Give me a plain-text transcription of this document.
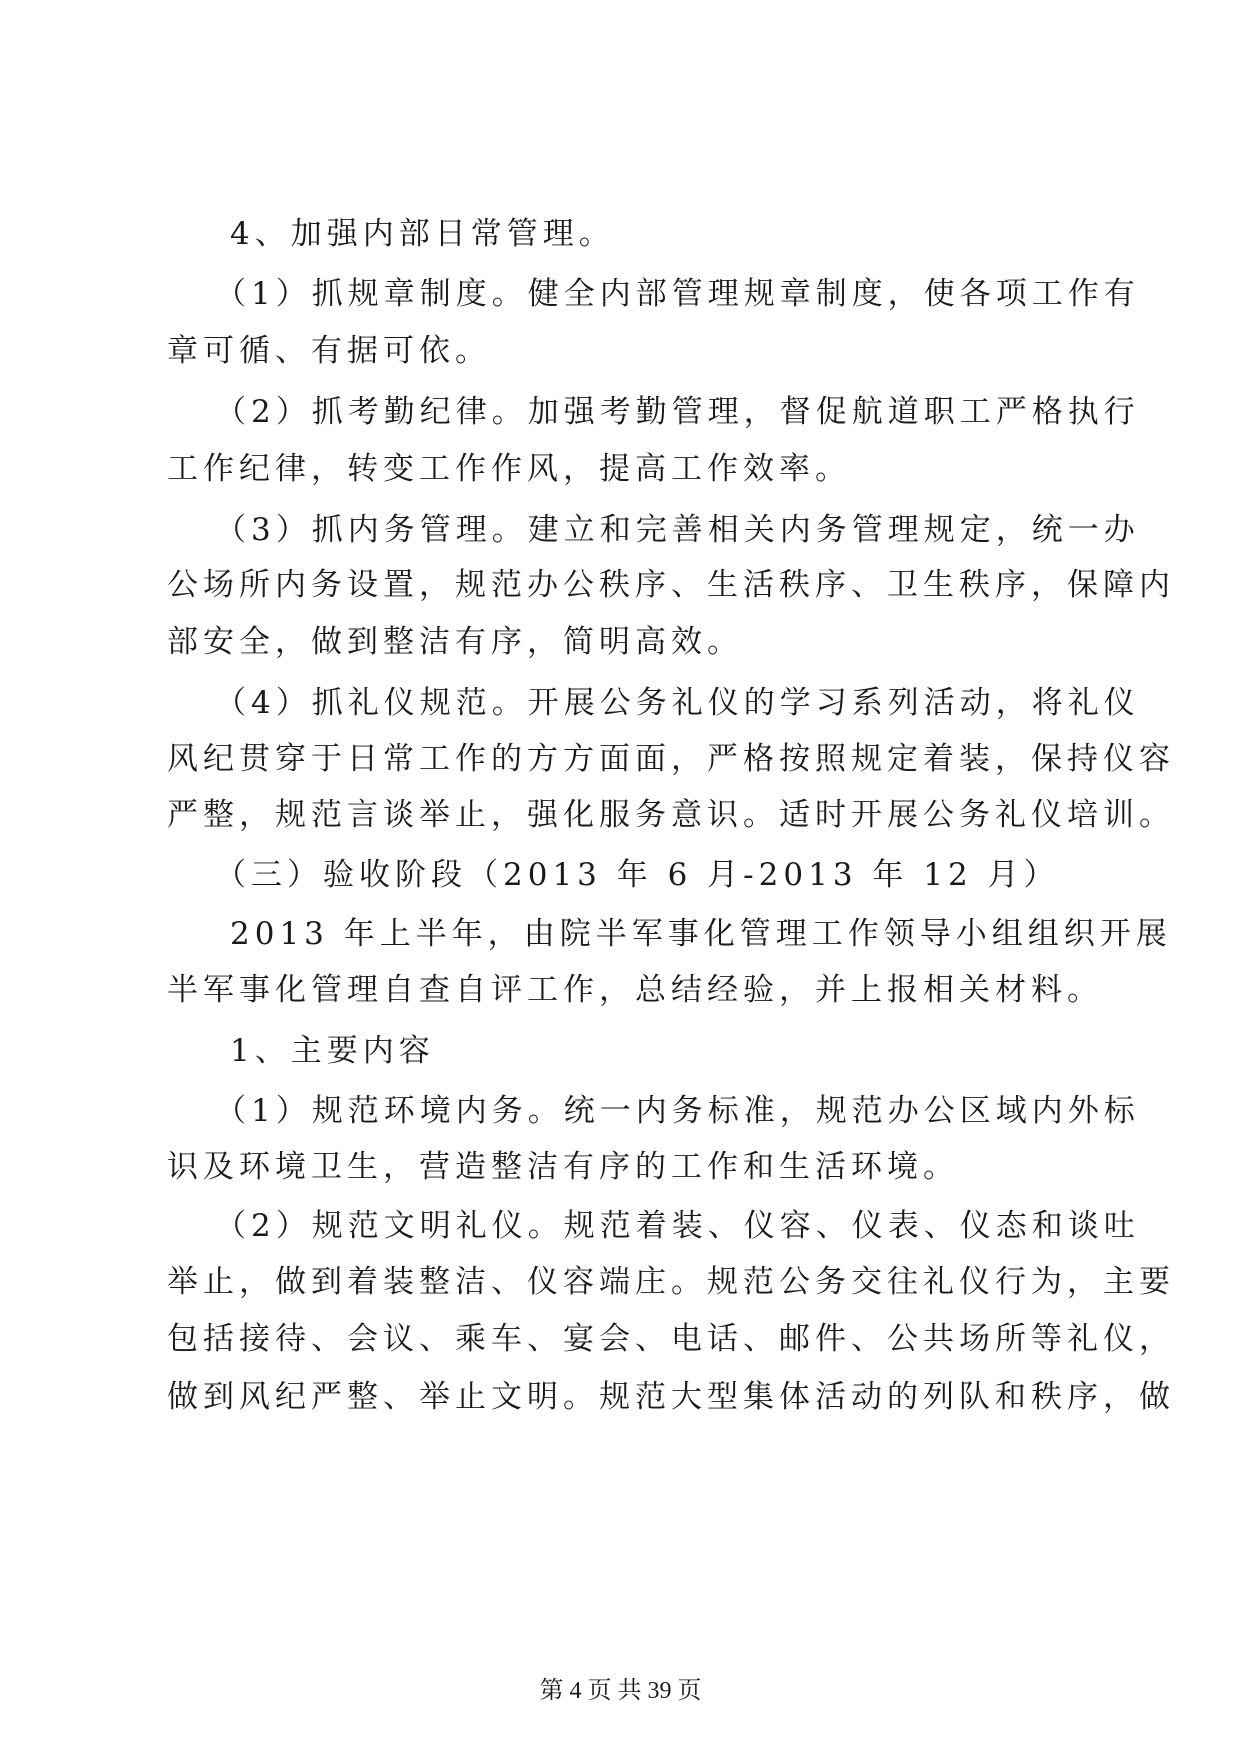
4、加强内部日常管理。
（1）抓规章制度。健全内部管理规章制度，使各项工作有
章可循、有据可依。
（2）抓考勤纪律。加强考勤管理，督促航道职工严格执行
工作纪律，转变工作作风，提高工作效率。
（3）抓内务管理。建立和完善相关内务管理规定，统一办
公场所内务设置，规范办公秩序、生活秩序、卫生秩序，保障内
部安全，做到整洁有序，简明高效。
（4）抓礼仪规范。开展公务礼仪的学习系列活动，将礼仪
风纪贯穿于日常工作的方方面面，严格按照规定着装，保持仪容
严整，规范言谈举止，强化服务意识。适时开展公务礼仪培训。
（三）验收阶段（2013 年 6 月-2013 年 12 月）
2013 年上半年，由院半军事化管理工作领导小组组织开展
半军事化管理自查自评工作，总结经验，并上报相关材料。
1、主要内容
（1）规范环境内务。统一内务标准，规范办公区域内外标
识及环境卫生，营造整洁有序的工作和生活环境。
（2）规范文明礼仪。规范着装、仪容、仪表、仪态和谈吐
举止，做到着装整洁、仪容端庄。规范公务交往礼仪行为，主要
包括接待、会议、乘车、宴会、电话、邮件、公共场所等礼仪，
做到风纪严整、举止文明。规范大型集体活动的列队和秩序，做
第 4 页 共 39 页
